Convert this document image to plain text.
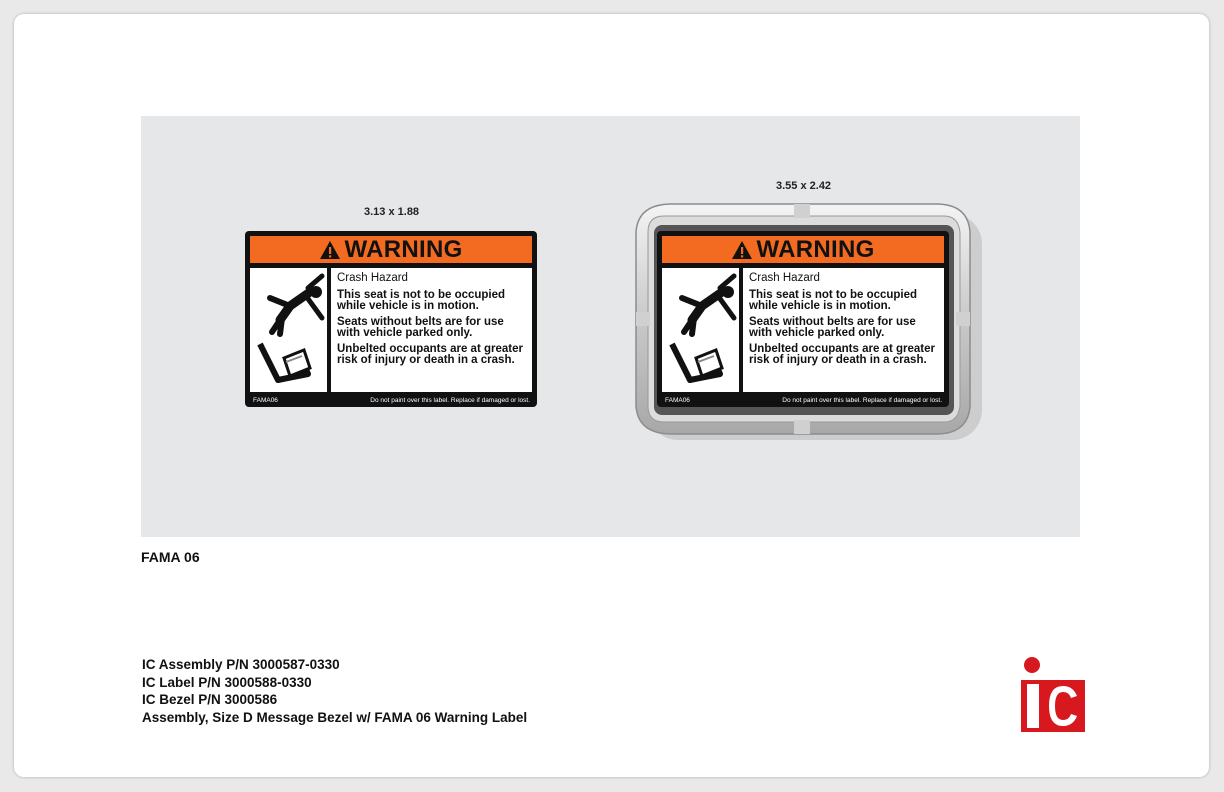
3.13 x 1.88
WARNING
Crash Hazard

This seat is not to be occupied while vehicle is in motion.

Seats without belts are for use with vehicle parked only.

Unbelted occupants are at greater risk of injury or death in a crash.

FAMA06	Do not paint over this label. Replace if damaged or lost.
3.55 x 2.42
WARNING
Crash Hazard

This seat is not to be occupied while vehicle is in motion.

Seats without belts are for use with vehicle parked only.

Unbelted occupants are at greater risk of injury or death in a crash.

FAMA06	Do not paint over this label. Replace if damaged or lost.
FAMA 06
IC Assembly P/N 3000587-0330
IC Label P/N 3000588-0330
IC Bezel P/N 3000586
Assembly, Size D Message Bezel w/ FAMA 06 Warning Label
